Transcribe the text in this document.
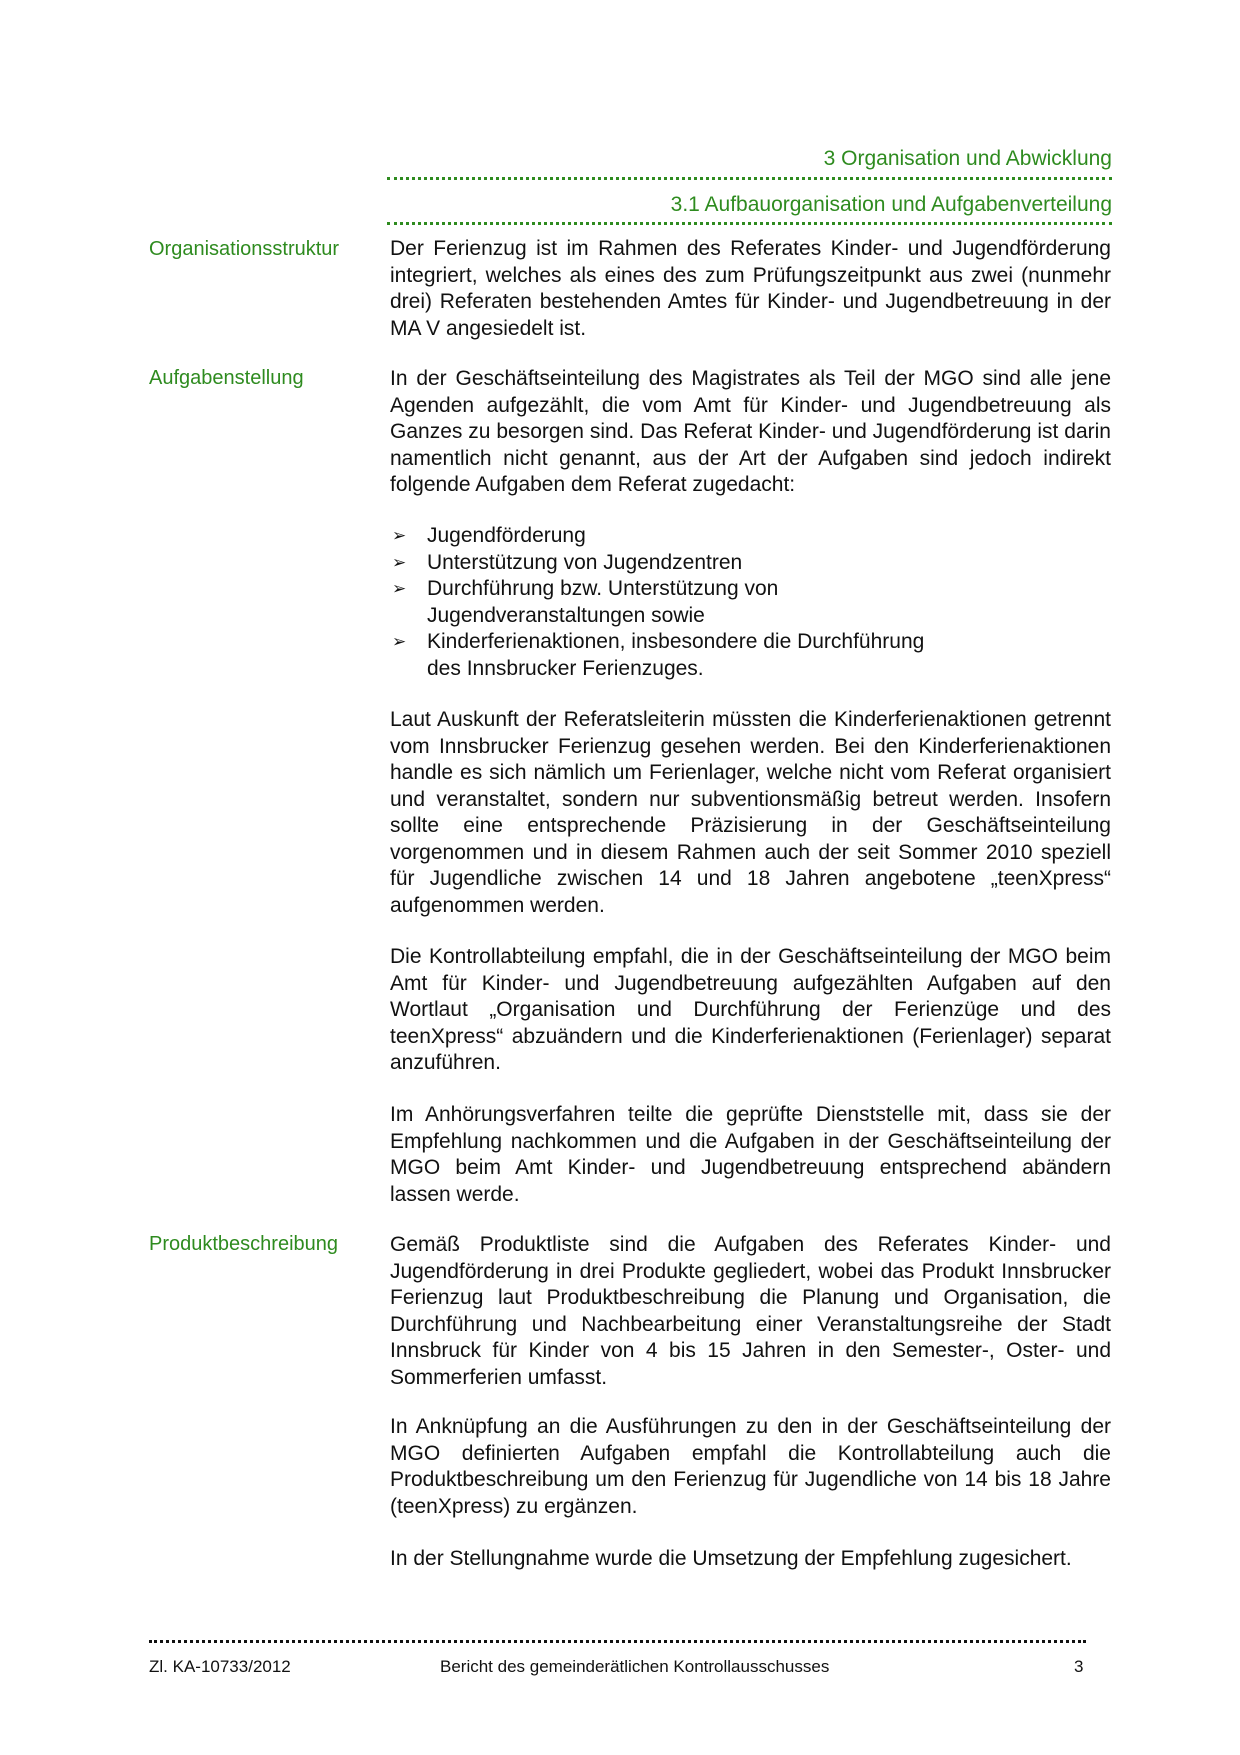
3 Organisation und Abwicklung
3.1 Aufbauorganisation und Aufgabenverteilung
Organisationsstruktur	Der Ferienzug ist im Rahmen des Referates Kinder- und Jugendförderung integriert, welches als eines des zum Prüfungszeitpunkt aus zwei (nunmehr drei) Referaten bestehenden Amtes für Kinder- und Jugendbetreuung in der MA V angesiedelt ist.

Aufgabenstellung	In der Geschäftseinteilung des Magistrates als Teil der MGO sind alle jene Agenden aufgezählt, die vom Amt für Kinder- und Jugendbetreuung als Ganzes zu besorgen sind. Das Referat Kinder- und Jugendförderung ist darin namentlich nicht genannt, aus der Art der Aufgaben sind jedoch indirekt folgende Aufgaben dem Referat zugedacht:

➢ Jugendförderung
➢ Unterstützung von Jugendzentren
➢ Durchführung bzw. Unterstützung von Jugendveranstaltungen sowie
➢ Kinderferienaktionen, insbesondere die Durchführung des Innsbrucker Ferienzuges.

Laut Auskunft der Referatsleiterin müssten die Kinderferienaktionen getrennt vom Innsbrucker Ferienzug gesehen werden. Bei den Kinderferienaktionen handle es sich nämlich um Ferienlager, welche nicht vom Referat organisiert und veranstaltet, sondern nur subventionsmäßig betreut werden. Insofern sollte eine entsprechende Präzisierung in der Geschäftseinteilung vorgenommen und in diesem Rahmen auch der seit Sommer 2010 speziell für Jugendliche zwischen 14 und 18 Jahren angebotene „teenXpress“ aufgenommen werden.

Die Kontrollabteilung empfahl, die in der Geschäftseinteilung der MGO beim Amt für Kinder- und Jugendbetreuung aufgezählten Aufgaben auf den Wortlaut „Organisation und Durchführung der Ferienzüge und des teenXpress“ abzuändern und die Kinderferienaktionen (Ferienlager) separat anzuführen.

Im Anhörungsverfahren teilte die geprüfte Dienststelle mit, dass sie der Empfehlung nachkommen und die Aufgaben in der Geschäftseinteilung der MGO beim Amt Kinder- und Jugendbetreuung entsprechend abändern lassen werde.

Produktbeschreibung	Gemäß Produktliste sind die Aufgaben des Referates Kinder- und Jugendförderung in drei Produkte gegliedert, wobei das Produkt Innsbrucker Ferienzug laut Produktbeschreibung die Planung und Organisation, die Durchführung und Nachbearbeitung einer Veranstaltungsreihe der Stadt Innsbruck für Kinder von 4 bis 15 Jahren in den Semester-, Oster- und Sommerferien umfasst.

In Anknüpfung an die Ausführungen zu den in der Geschäftseinteilung der MGO definierten Aufgaben empfahl die Kontrollabteilung auch die Produktbeschreibung um den Ferienzug für Jugendliche von 14 bis 18 Jahre (teenXpress) zu ergänzen.

In der Stellungnahme wurde die Umsetzung der Empfehlung zugesichert.

Zl. KA-10733/2012	Bericht des gemeinderätlichen Kontrollausschusses	3
